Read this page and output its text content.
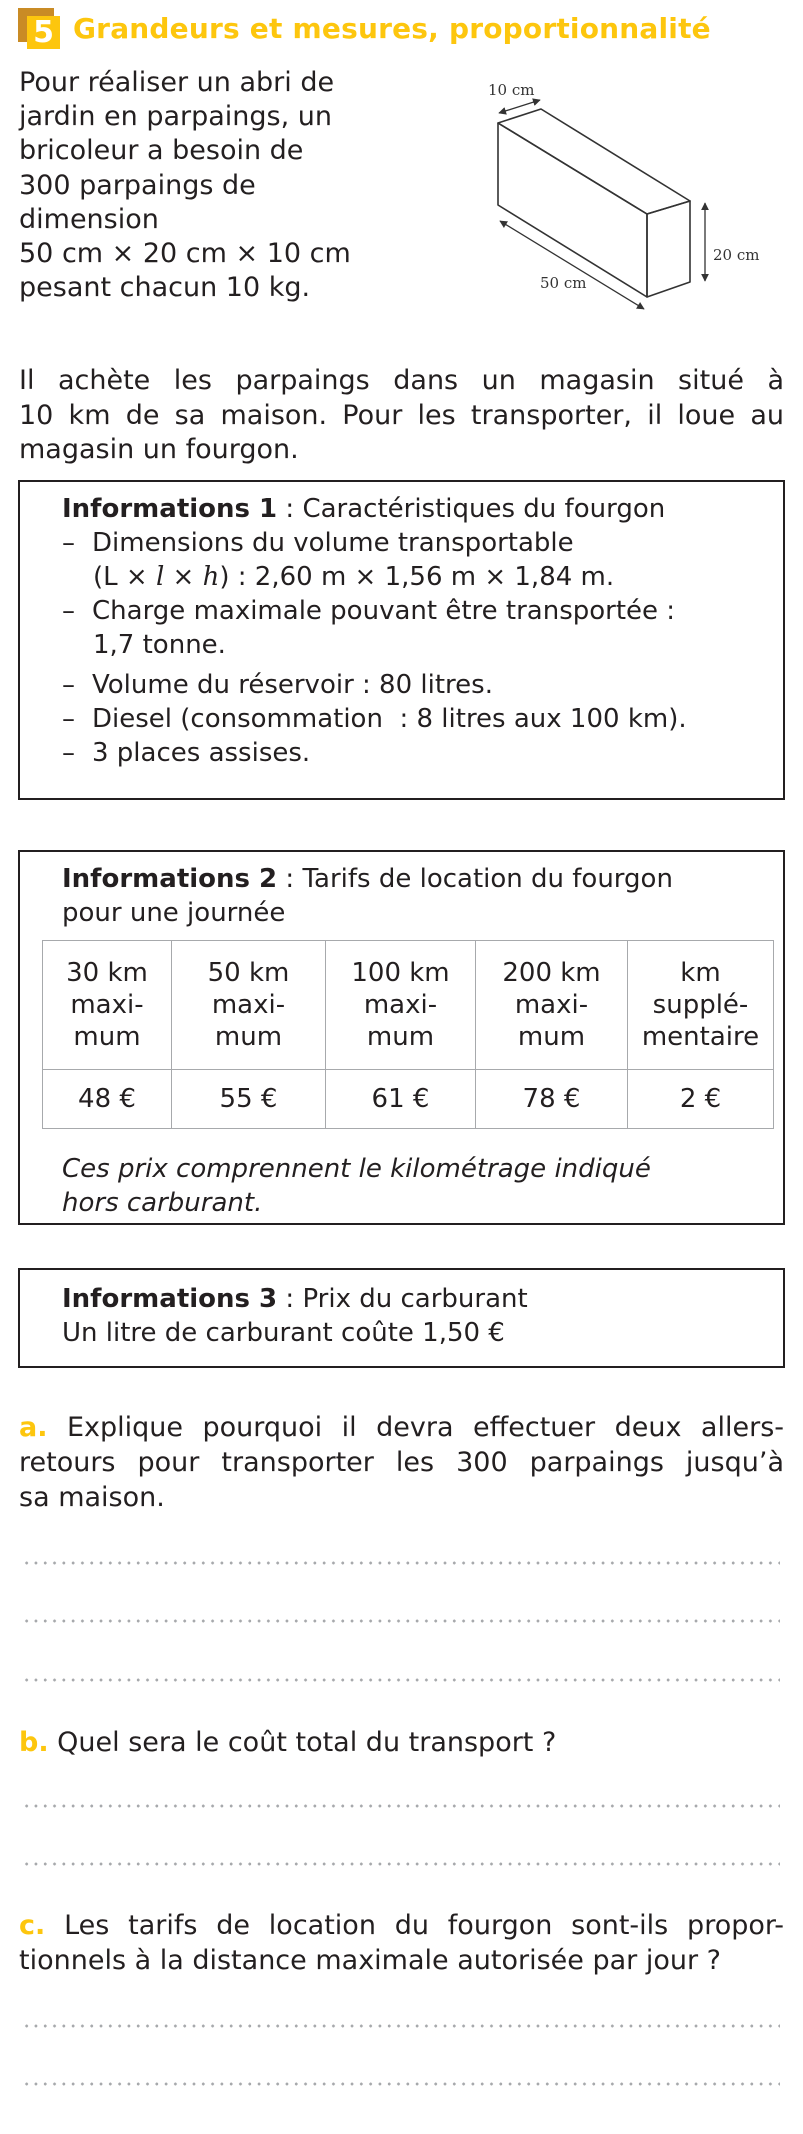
5 Grandeurs et mesures, proportionnalité
Pour réaliser un abri de
jardin en parpaings, un
bricoleur a besoin de
300 parpaings de
dimension
50 cm × 20 cm × 10 cm
pesant chacun 10 kg.
10 cm
20 cm
50 cm
Il achète les parpaings dans un magasin situé à
10 km de sa maison. Pour les transporter, il loue au
magasin un fourgon.
Informations 1 : Caractéristiques du fourgon
– Dimensions du volume transportable
(L × l × h) : 2,60 m × 1,56 m × 1,84 m.
– Charge maximale pouvant être transportée :
1,7 tonne.
– Volume du réservoir : 80 litres.
– Diesel (consommation  : 8 litres aux 100 km).
– 3 places assises.
Informations 2 : Tarifs de location du fourgon
pour une journée
30 km
maxi-
mum	50 km
maxi-
mum	100 km
maxi-
mum	200 km
maxi-
mum	km
supplé-
mentaire
48 €	55 €	61 €	78 €	2 €
Ces prix comprennent le kilométrage indiqué
hors carburant.
Informations 3 : Prix du carburant
Un litre de carburant coûte 1,50 €
a. Explique pourquoi il devra effectuer deux allers-
retours pour transporter les 300 parpaings jusqu’à
sa maison.
b. Quel sera le coût total du transport ?
c. Les tarifs de location du fourgon sont-ils propor-
tionnels à la distance maximale autorisée par jour ?
